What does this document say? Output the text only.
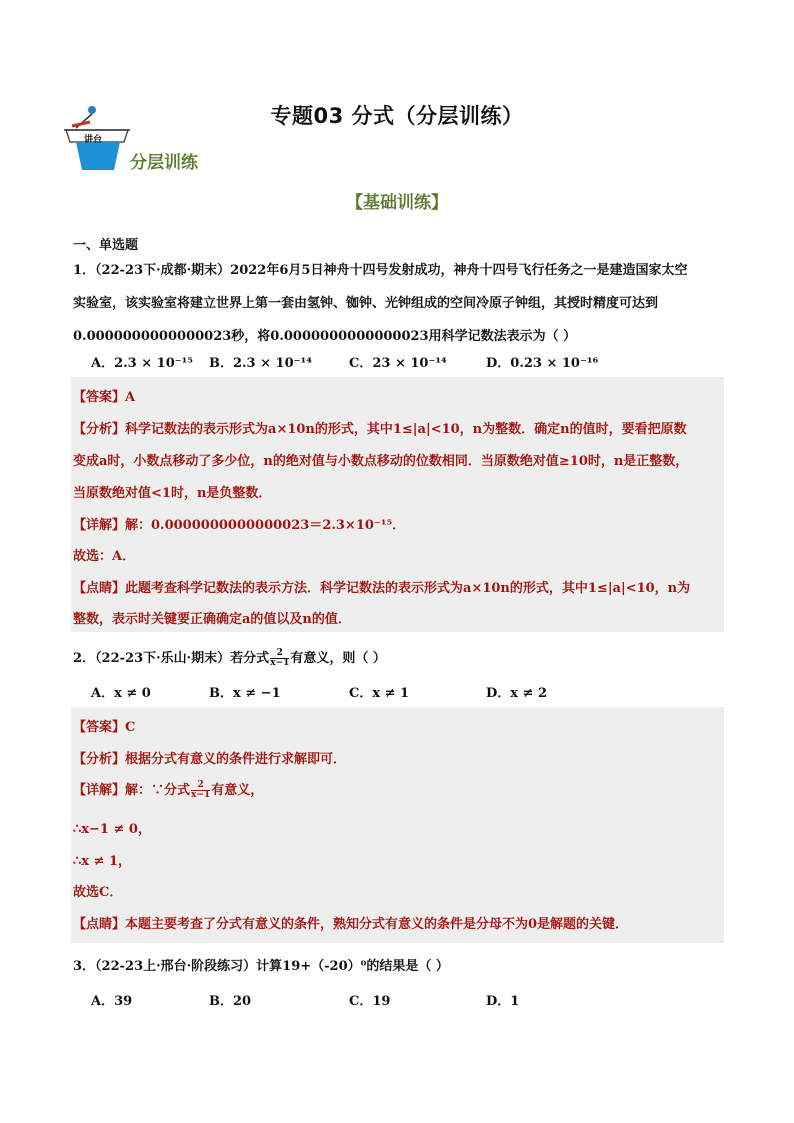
讲台
专题03 分式（分层训练）
分层训练
【基础训练】
一、单选题
1．（22-23下·成都·期末）2022年6月5日神舟十四号发射成功，神舟十四号飞行任务之一是建造国家太空
实验室，该实验室将建立世界上第一套由氢钟、铷钟、光钟组成的空间冷原子钟组，其授时精度可达到
0.0000000000000023秒，将0.0000000000000023用科学记数法表示为（ ）
A．2.3 × 10⁻¹⁵ B．2.3 × 10⁻¹⁴	C．23 × 10⁻¹⁴	D．0.23 × 10⁻¹⁶
【答案】A
【分析】科学记数法的表示形式为a×10n的形式，其中1≤|a|<10，n为整数．确定n的值时，要看把原数
变成a时，小数点移动了多少位，n的绝对值与小数点移动的位数相同．当原数绝对值≥10时，n是正整数，
当原数绝对值<1时，n是负整数．
【详解】解：0.0000000000000023＝2.3×10⁻¹⁵．
故选：A．
【点睛】此题考查科学记数法的表示方法．科学记数法的表示形式为a×10n的形式，其中1≤|a|<10，n为
整数，表示时关键要正确确定a的值以及n的值．
2．（22-23下·乐山·期末）若分式 $\frac{2}{x-1}$ 有意义，则（ ）
A．x ≠ 0	B．x ≠ −1	C．x ≠ 1	D．x ≠ 2
【答案】C
【分析】根据分式有意义的条件进行求解即可．
【详解】解：∵分式 $\frac{2}{x-1}$ 有意义，
∴x−1 ≠ 0，
∴x ≠ 1，
故选C．
【点睛】本题主要考查了分式有意义的条件，熟知分式有意义的条件是分母不为0是解题的关键．
3．（22-23上·邢台·阶段练习）计算19+（-20）⁰的结果是（ ）
A．39	B．20	C．19	D．1
